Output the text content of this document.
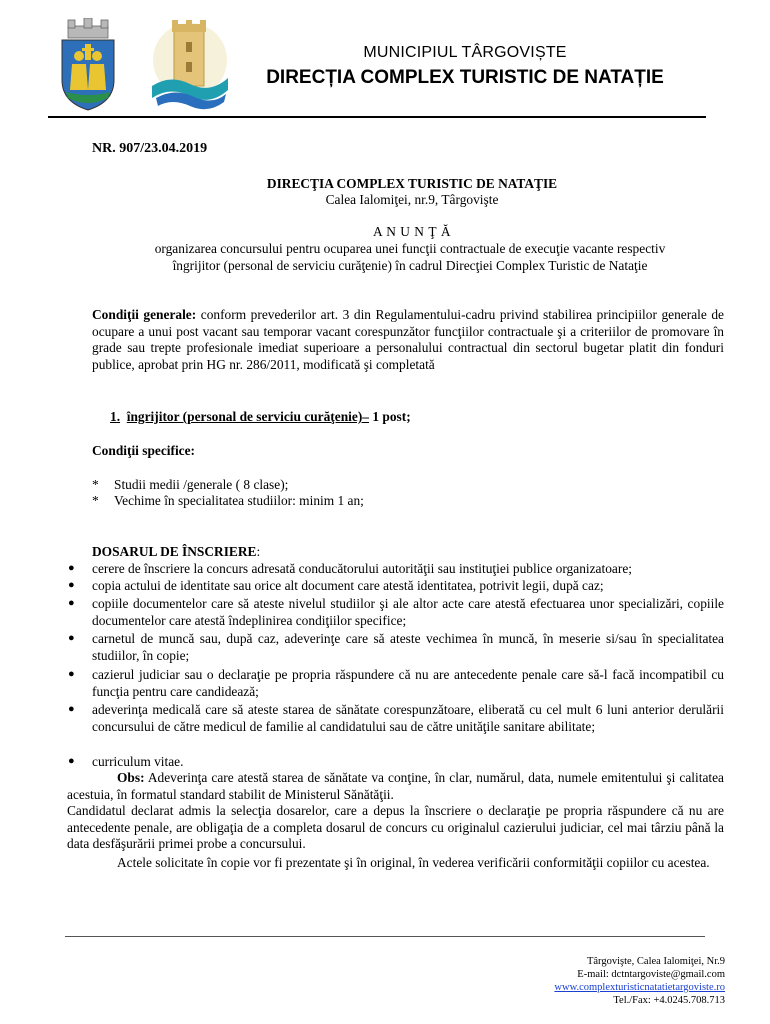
MUNICIPIUL TÂRGOVIȘTE
DIRECȚIA COMPLEX TURISTIC DE NATAȚIE
NR. 907/23.04.2019
DIRECŢIA COMPLEX TURISTIC DE NATAŢIE
Calea Ialomiţei, nr.9, Târgovişte
A N U N Ţ Ă
organizarea concursului pentru ocuparea unei funcţii contractuale de execuţie vacante respectiv
îngrijitor (personal de serviciu curăţenie) în cadrul Direcţiei Complex Turistic de Nataţie
Condiţii generale: conform prevederilor art. 3 din Regulamentului-cadru privind stabilirea principiilor generale de ocupare a unui post vacant sau temporar vacant corespunzător funcţiilor contractuale şi a criteriilor de promovare în grade sau trepte profesionale imediat superioare a personalului contractual din sectorul bugetar platit din fonduri publice, aprobat prin HG nr. 286/2011, modificată şi completată
1. îngrijitor (personal de serviciu curăţenie)– 1 post;
Condiţii specifice:
* Studii medii /generale ( 8 clase);
* Vechime în specialitatea studiilor: minim 1 an;
DOSARUL DE ÎNSCRIERE:
● cerere de înscriere la concurs adresată conducătorului autorităţii sau instituţiei publice organizatoare;
● copia actului de identitate sau orice alt document care atestă identitatea, potrivit legii, după caz;
● copiile documentelor care să ateste nivelul studiilor şi ale altor acte care atestă efectuarea unor specializări, copiile documentelor care atestă îndeplinirea condiţiilor specifice;
● carnetul de muncă sau, după caz, adeverinţe care să ateste vechimea în muncă, în meserie si/sau în specialitatea studiilor, în copie;
● cazierul judiciar sau o declaraţie pe propria răspundere că nu are antecedente penale care să-l facă incompatibil cu funcţia pentru care candidează;
● adeverinţa medicală care să ateste starea de sănătate corespunzătoare, eliberată cu cel mult 6 luni anterior derulării concursului de către medicul de familie al candidatului sau de către unităţile sanitare abilitate;
● curriculum vitae.
Obs: Adeverinţa care atestă starea de sănătate va conţine, în clar, numărul, data, numele emitentului şi calitatea acestuia, în formatul standard stabilit de Ministerul Sănătăţii.
Candidatul declarat admis la selecţia dosarelor, care a depus la înscriere o declaraţie pe propria răspundere că nu are antecedente penale, are obligaţia de a completa dosarul de concurs cu originalul cazierului judiciar, cel mai târziu până la data desfăşurării primei probe a concursului.
Actele solicitate în copie vor fi prezentate şi în original, în vederea verificării conformităţii copiilor cu acestea.
Târgovişte, Calea Ialomiţei, Nr.9
E-mail: dctntargoviste@gmail.com
www.complexturisticnatatietargoviste.ro
Tel./Fax: +4.0245.708.713
